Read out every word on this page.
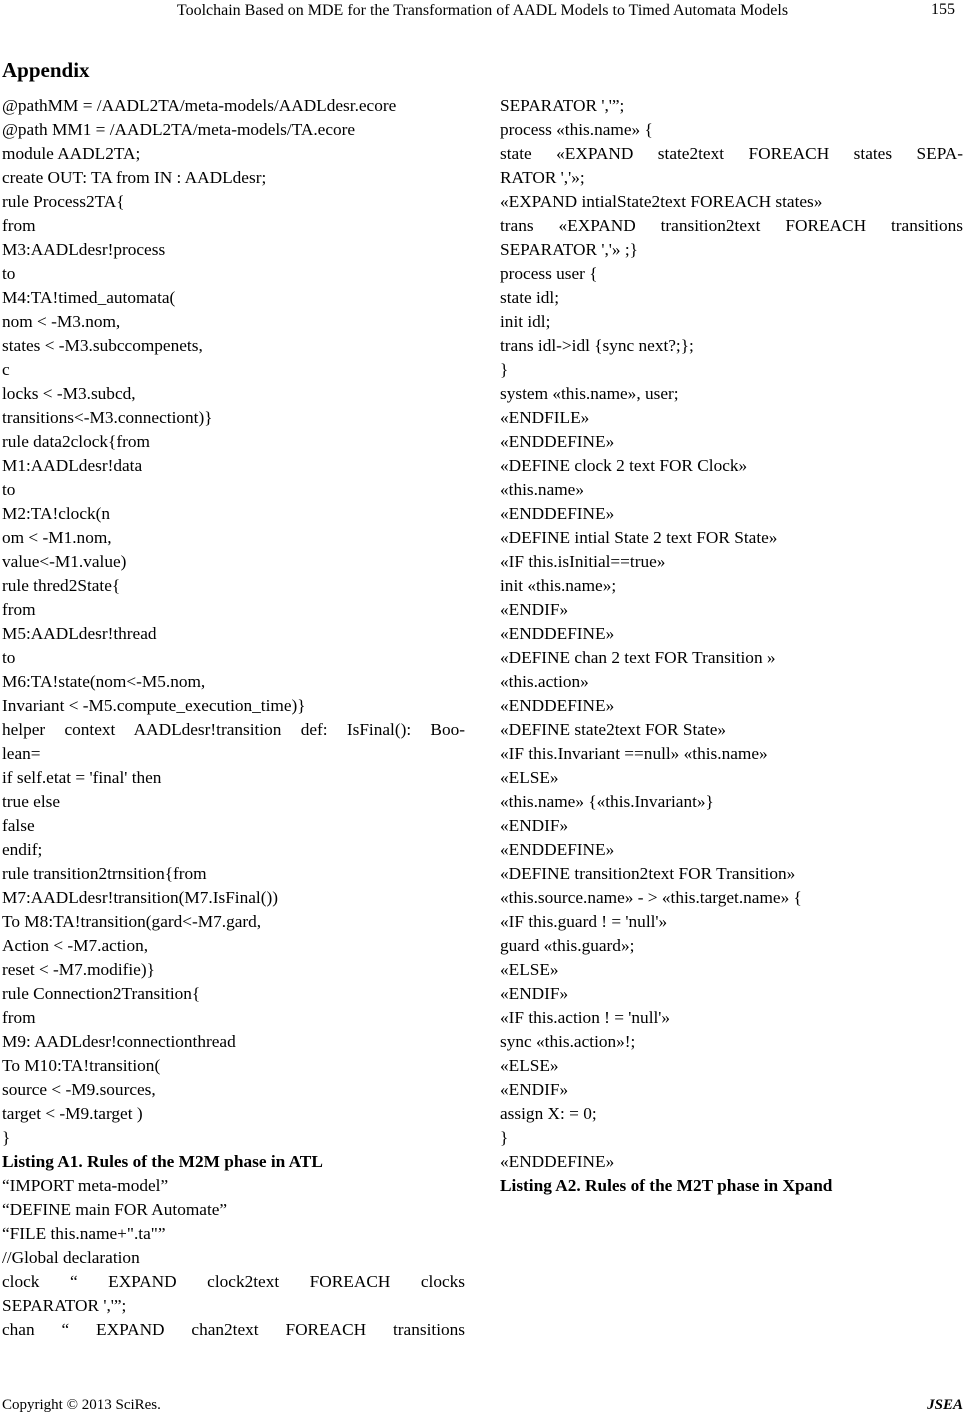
Toolchain Based on MDE for the Transformation of AADL Models to Timed Automata Models	155
Appendix
@pathMM = /AADL2TA/meta-models/AADLdesr.ecore
@path MM1 = /AADL2TA/meta-models/TA.ecore
module AADL2TA;
create OUT: TA from IN : AADLdesr;
rule Process2TA{
from
M3:AADLdesr!process
to
M4:TA!timed_automata(
nom < -M3.nom,
states < -M3.subccompenets,
c
locks < -M3.subcd,
transitions<-M3.connectiont)}
rule data2clock{from
M1:AADLdesr!data
to
M2:TA!clock(n
om < -M1.nom,
value<-M1.value)
rule thred2State{
from
M5:AADLdesr!thread
to
M6:TA!state(nom<-M5.nom,
Invariant < -M5.compute_execution_time)}
helper context AADLdesr!transition def: IsFinal(): Boo-
lean=
if self.etat = 'final' then
true else
false
endif;
rule transition2trnsition{from
M7:AADLdesr!transition(M7.IsFinal())
To M8:TA!transition(gard<-M7.gard,
Action < -M7.action,
reset < -M7.modifie)}
rule Connection2Transition{
from
M9: AADLdesr!connectionthread
To M10:TA!transition(
source < -M9.sources,
target < -M9.target )
}
Listing A1. Rules of the M2M phase in ATL
“IMPORT meta-model”
“DEFINE main FOR Automate”
“FILE this.name+".ta"”
//Global declaration
clock “ EXPAND clock2text FOREACH clocks
SEPARATOR ','”;
chan “ EXPAND chan2text FOREACH transitions
SEPARATOR ','”;
process «this.name» {
state «EXPAND state2text FOREACH states SEPA-
RATOR ','»;
«EXPAND intialState2text FOREACH states»
trans «EXPAND transition2text FOREACH transitions
SEPARATOR ','» ;}
process user {
state idl;
init idl;
trans idl->idl {sync next?;};
}
system «this.name», user;
«ENDFILE»
«ENDDEFINE»
«DEFINE clock 2 text FOR Clock»
«this.name»
«ENDDEFINE»
«DEFINE intial State 2 text FOR State»
«IF this.isInitial==true»
init «this.name»;
«ENDIF»
«ENDDEFINE»
«DEFINE chan 2 text FOR Transition »
«this.action»
«ENDDEFINE»
«DEFINE state2text FOR State»
«IF this.Invariant ==null» «this.name»
«ELSE»
«this.name» {«this.Invariant»}
«ENDIF»
«ENDDEFINE»
«DEFINE transition2text FOR Transition»
«this.source.name» - > «this.target.name» {
«IF this.guard ! = 'null'»
guard «this.guard»;
«ELSE»
«ENDIF»
«IF this.action ! = 'null'»
sync «this.action»!;
«ELSE»
«ENDIF»
assign X: = 0;
}
«ENDDEFINE»
Listing A2. Rules of the M2T phase in Xpand
Copyright © 2013 SciRes.	JSEA
